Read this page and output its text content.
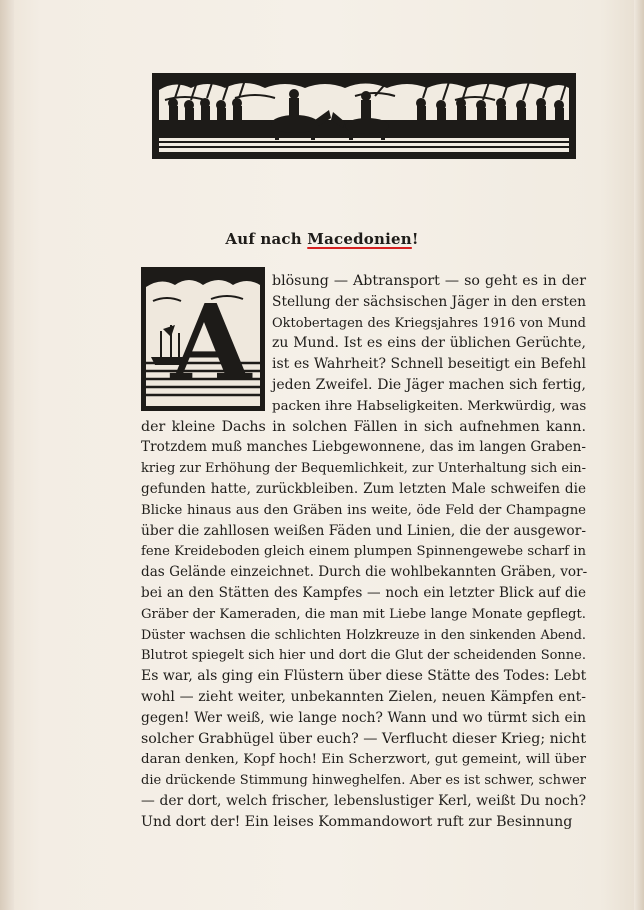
Auf nach Macedonien!
A blösung — Abtransport — so geht es in der
Stellung der sächsischen Jäger in den ersten
Oktobertagen des Kriegsjahres 1916 von Mund
zu Mund. Ist es eins der üblichen Gerüchte,
ist es Wahrheit? Schnell beseitigt ein Befehl
jeden Zweifel. Die Jäger machen sich fertig,
packen ihre Habseligkeiten. Merkwürdig, was
der kleine Dachs in solchen Fällen in sich aufnehmen kann.
Trotzdem muß manches Liebgewonnene, das im langen Graben-
krieg zur Erhöhung der Bequemlichkeit, zur Unterhaltung sich ein-
gefunden hatte, zurückbleiben. Zum letzten Male schweifen die
Blicke hinaus aus den Gräben ins weite, öde Feld der Champagne
über die zahllosen weißen Fäden und Linien, die der ausgewor-
fene Kreideboden gleich einem plumpen Spinnengewebe scharf in
das Gelände einzeichnet. Durch die wohlbekannten Gräben, vor-
bei an den Stätten des Kampfes — noch ein letzter Blick auf die
Gräber der Kameraden, die man mit Liebe lange Monate gepflegt.
Düster wachsen die schlichten Holzkreuze in den sinkenden Abend.
Blutrot spiegelt sich hier und dort die Glut der scheidenden Sonne.
Es war, als ging ein Flüstern über diese Stätte des Todes: Lebt
wohl — zieht weiter, unbekannten Zielen, neuen Kämpfen ent-
gegen! Wer weiß, wie lange noch? Wann und wo türmt sich ein
solcher Grabhügel über euch? — Verflucht dieser Krieg; nicht
daran denken, Kopf hoch! Ein Scherzwort, gut gemeint, will über
die drückende Stimmung hinweghelfen. Aber es ist schwer, schwer
— der dort, welch frischer, lebenslustiger Kerl, weißt Du noch?
Und dort der! Ein leises Kommandowort ruft zur Besinnung
